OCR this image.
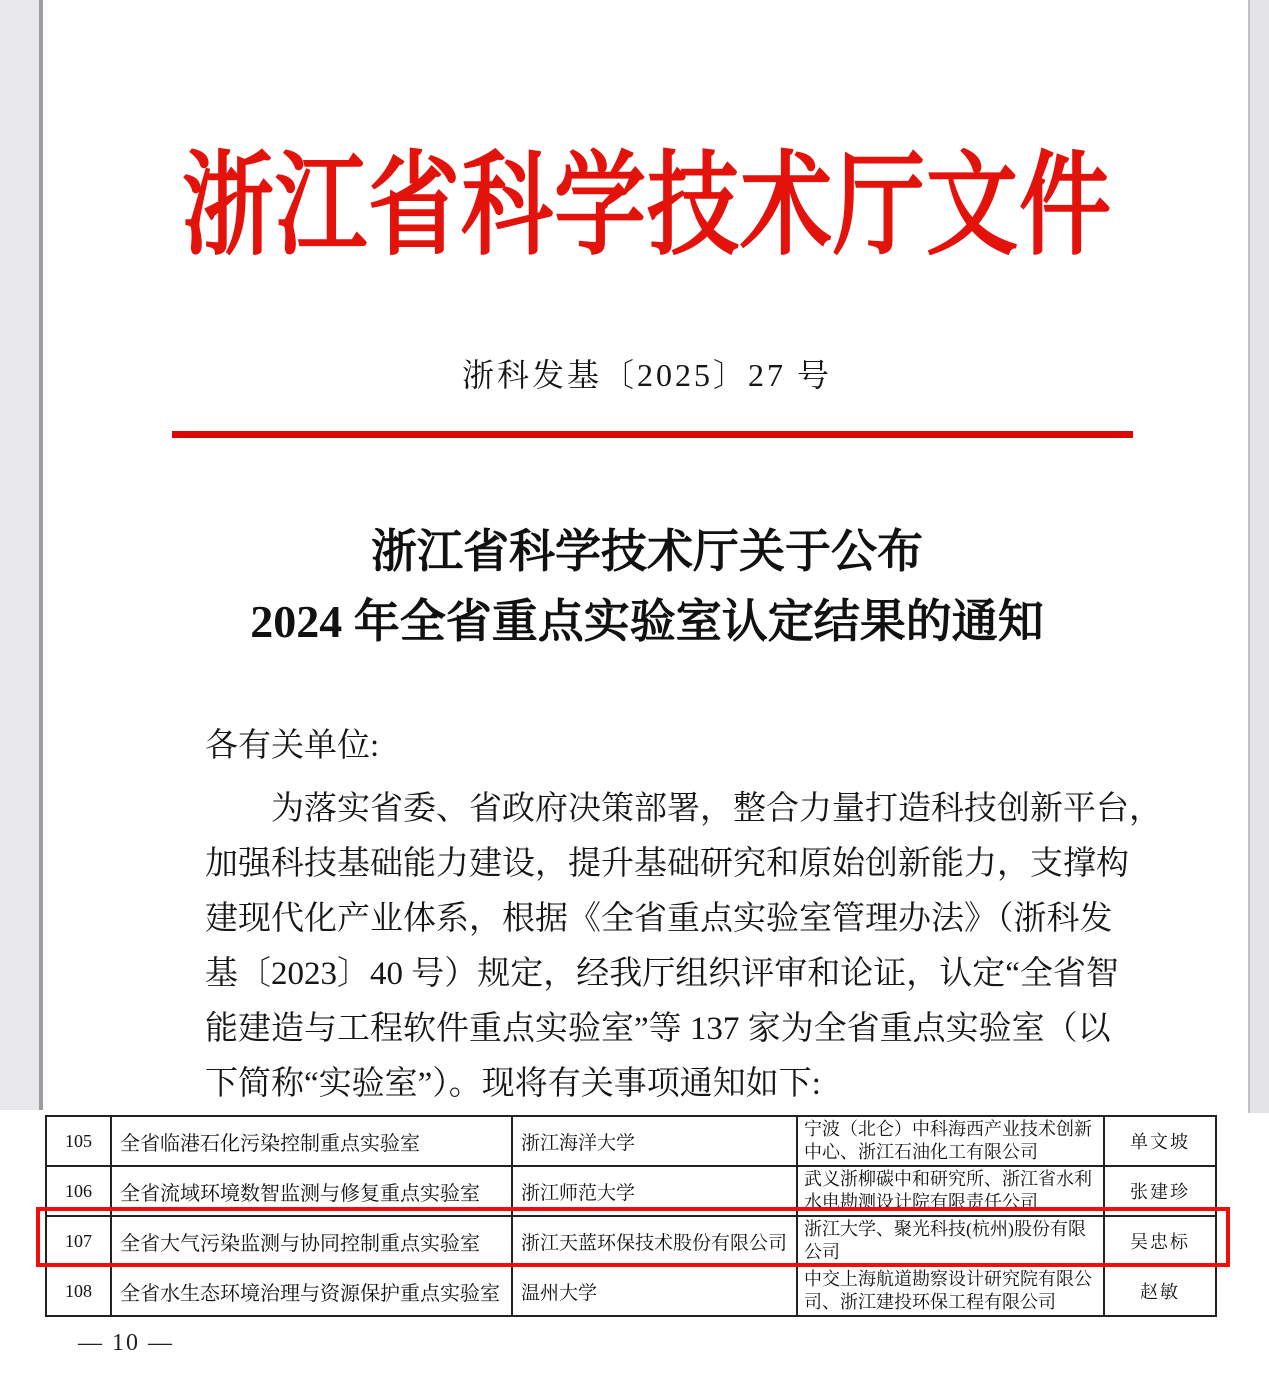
浙江省科学技术厅文件
浙科发基〔2025〕27 号
浙江省科学技术厅关于公布
2024 年全省重点实验室认定结果的通知
各有关单位:
为落实省委、省政府决策部署，整合力量打造科技创新平台，
加强科技基础能力建设，提升基础研究和原始创新能力，支撑构
建现代化产业体系，根据《全省重点实验室管理办法》（浙科发
基〔2023〕40 号）规定，经我厅组织评审和论证，认定“全省智
能建造与工程软件重点实验室”等 137 家为全省重点实验室（以
下简称“实验室”）。现将有关事项通知如下:
105	全省临港石化污染控制重点实验室	浙江海洋大学	宁波（北仑）中科海西产业技术创新中心、浙江石油化工有限公司	单文坡
106	全省流域环境数智监测与修复重点实验室	浙江师范大学	武义浙柳碳中和研究所、浙江省水利水电勘测设计院有限责任公司	张建珍
107	全省大气污染监测与协同控制重点实验室	浙江天蓝环保技术股份有限公司	浙江大学、聚光科技(杭州)股份有限公司	吴忠标
108	全省水生态环境治理与资源保护重点实验室	温州大学	中交上海航道勘察设计研究院有限公司、浙江建投环保工程有限公司	赵敏
— 10 —
